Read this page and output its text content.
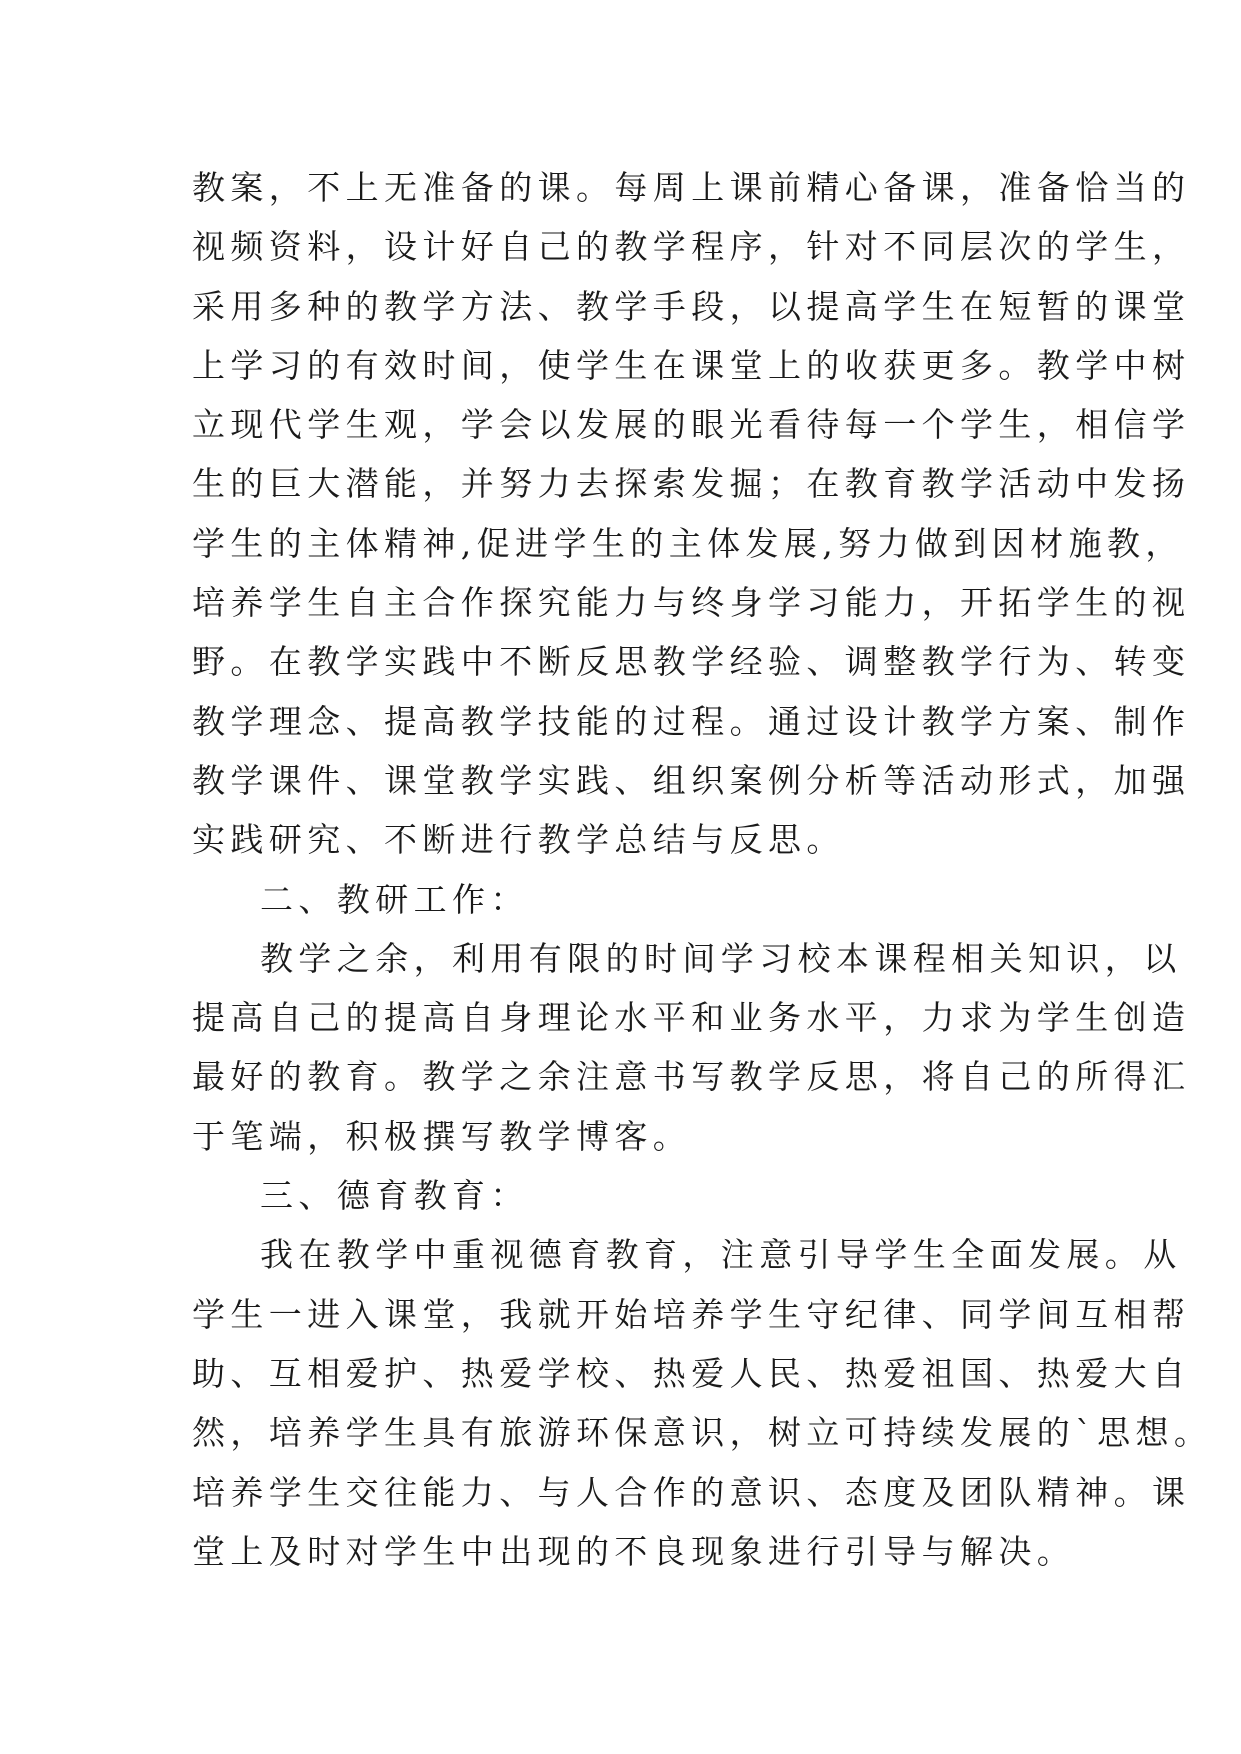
教案，不上无准备的课。每周上课前精心备课，准备恰当的
视频资料，设计好自己的教学程序，针对不同层次的学生，
采用多种的教学方法、教学手段，以提高学生在短暂的课堂
上学习的有效时间，使学生在课堂上的收获更多。教学中树
立现代学生观，学会以发展的眼光看待每一个学生，相信学
生的巨大潜能，并努力去探索发掘；在教育教学活动中发扬
学生的主体精神,促进学生的主体发展,努力做到因材施教，
培养学生自主合作探究能力与终身学习能力，开拓学生的视
野。在教学实践中不断反思教学经验、调整教学行为、转变
教学理念、提高教学技能的过程。通过设计教学方案、制作
教学课件、课堂教学实践、组织案例分析等活动形式，加强
实践研究、不断进行教学总结与反思。
二、教研工作：
教学之余，利用有限的时间学习校本课程相关知识，以
提高自己的提高自身理论水平和业务水平，力求为学生创造
最好的教育。教学之余注意书写教学反思，将自己的所得汇
于笔端，积极撰写教学博客。
三、德育教育：
我在教学中重视德育教育，注意引导学生全面发展。从
学生一进入课堂，我就开始培养学生守纪律、同学间互相帮
助、互相爱护、热爱学校、热爱人民、热爱祖国、热爱大自
然，培养学生具有旅游环保意识，树立可持续发展的`思想。
培养学生交往能力、与人合作的意识、态度及团队精神。课
堂上及时对学生中出现的不良现象进行引导与解决。
